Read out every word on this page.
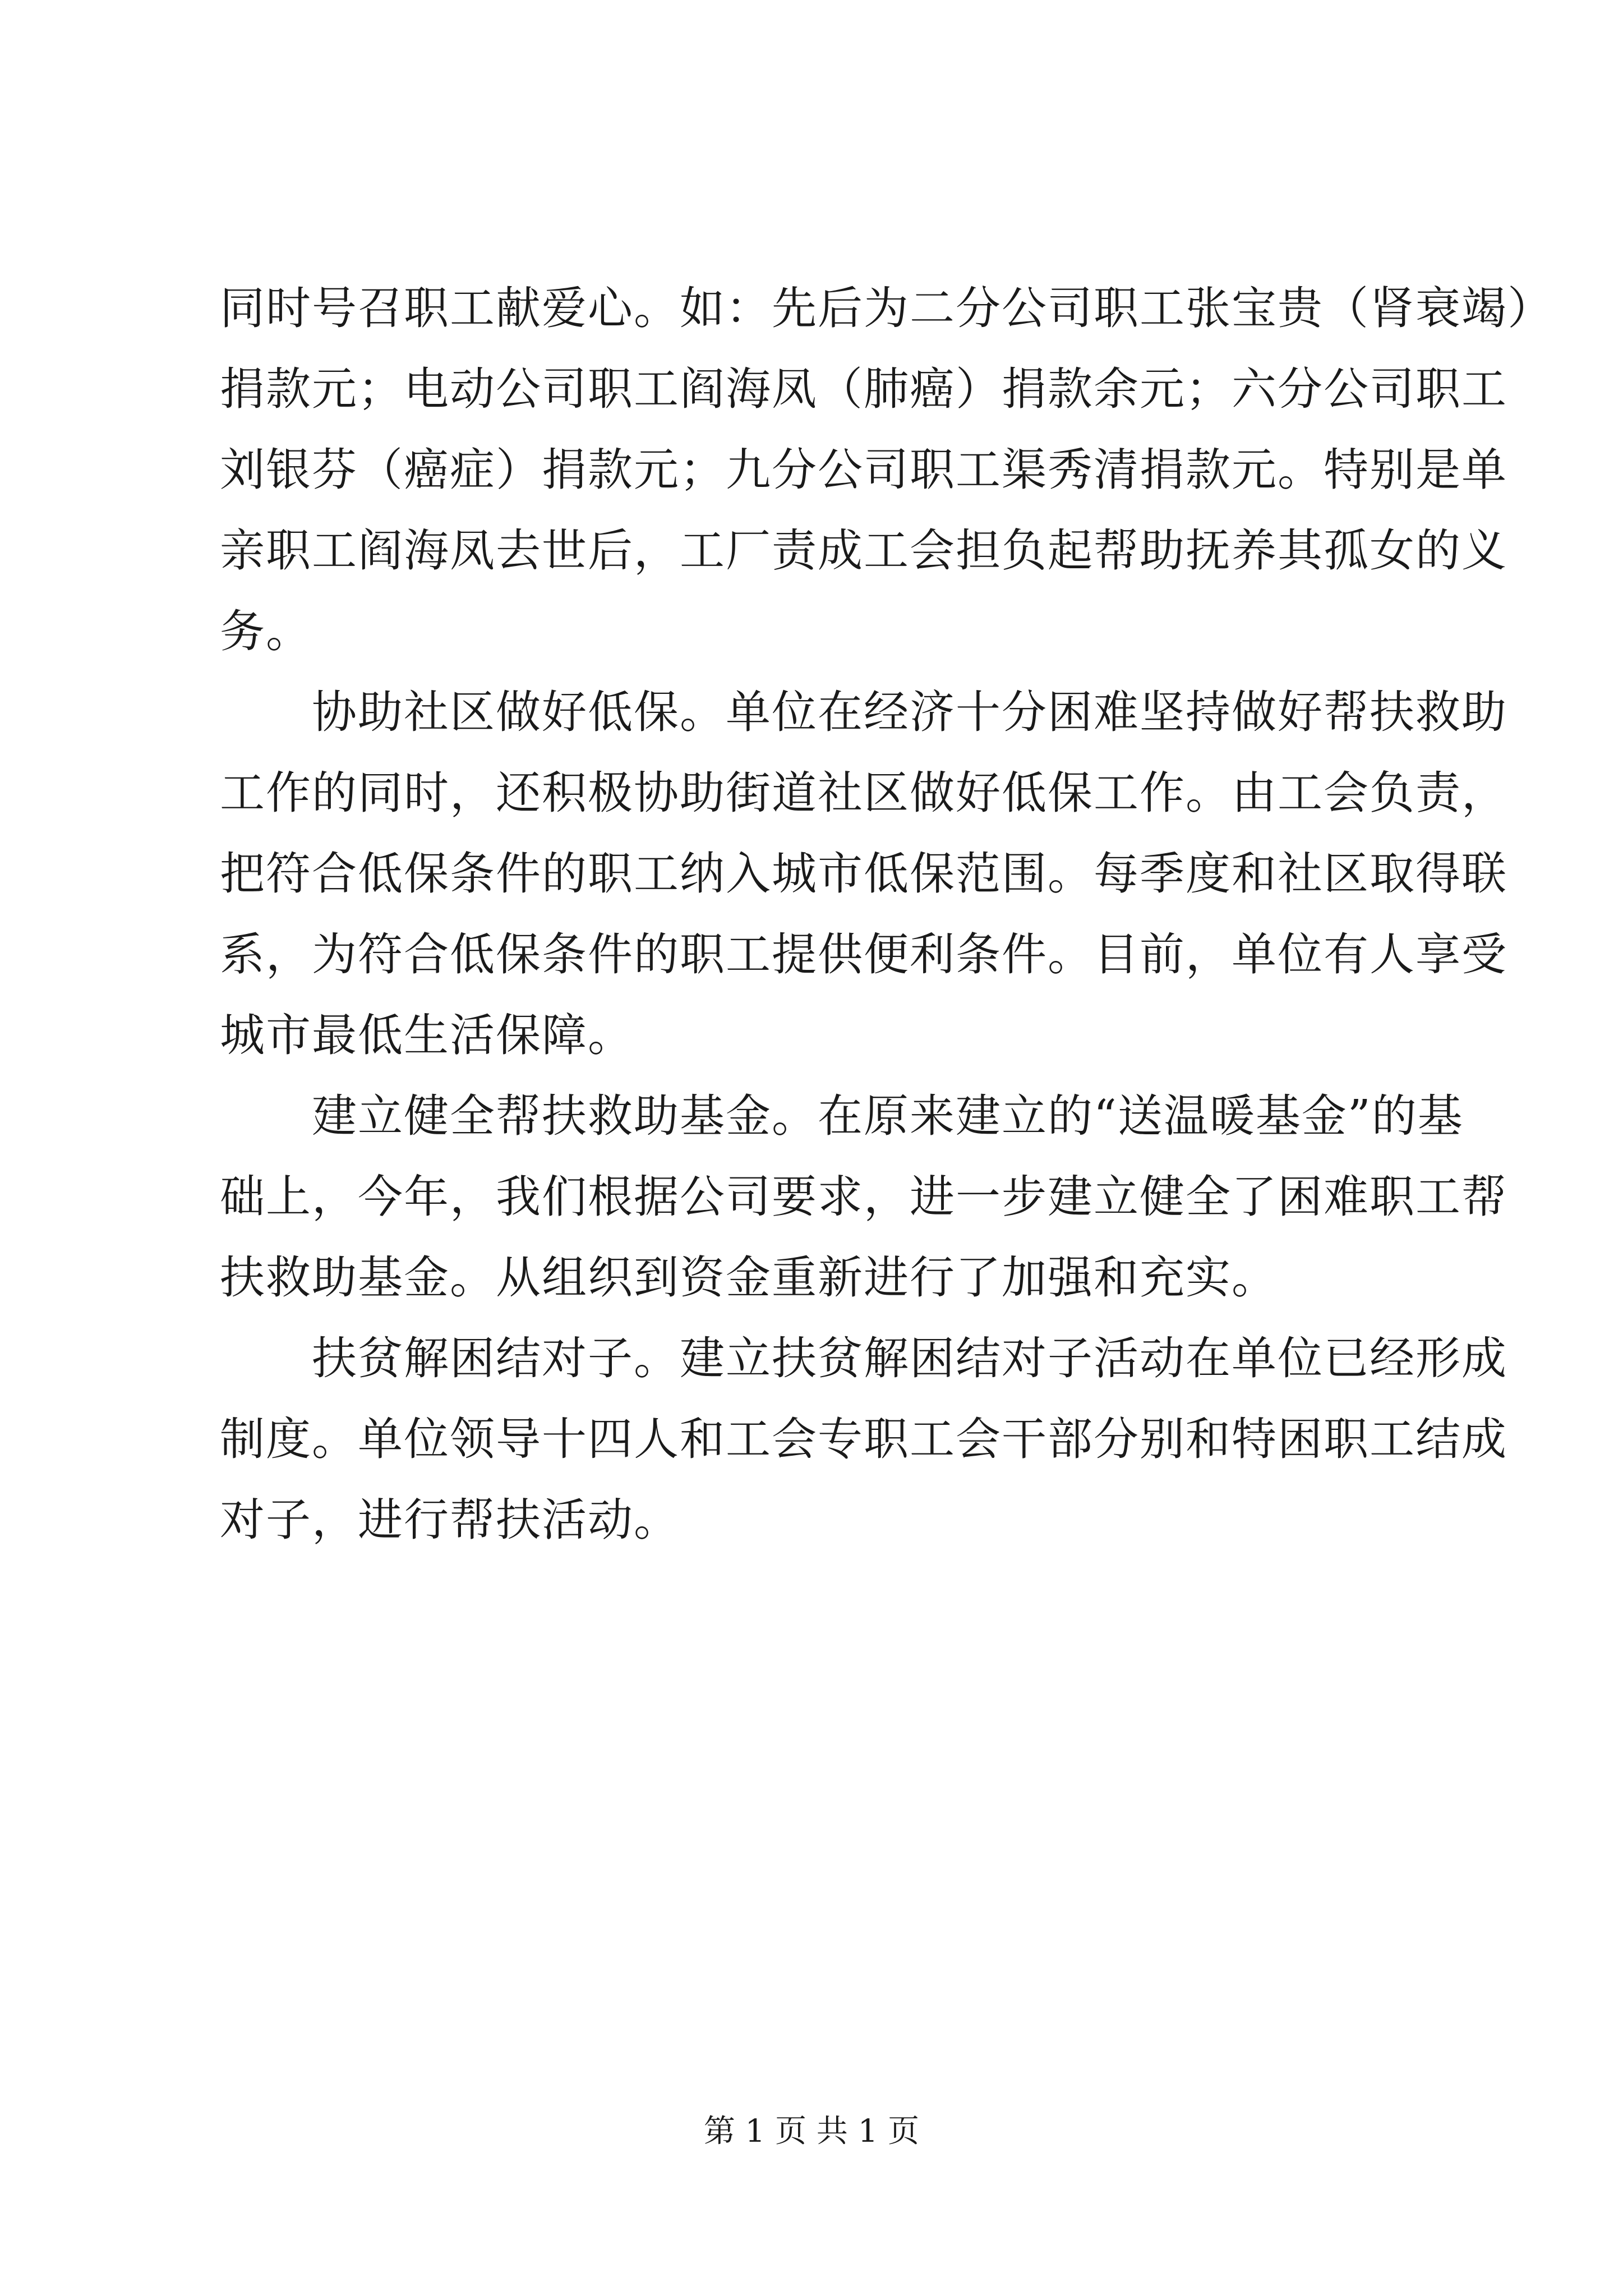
同时号召职工献爱心。如：先后为二分公司职工张宝贵（肾衰竭）
捐款元；电动公司职工阎海凤（肺癌）捐款余元；六分公司职工
刘银芬（癌症）捐款元；九分公司职工渠秀清捐款元。特别是单
亲职工阎海凤去世后，工厂责成工会担负起帮助抚养其孤女的义
务。
　　协助社区做好低保。单位在经济十分困难坚持做好帮扶救助
工作的同时，还积极协助街道社区做好低保工作。由工会负责，
把符合低保条件的职工纳入城市低保范围。每季度和社区取得联
系，为符合低保条件的职工提供便利条件。目前，单位有人享受
城市最低生活保障。
　　建立健全帮扶救助基金。在原来建立的“送温暖基金”的基
础上，今年，我们根据公司要求，进一步建立健全了困难职工帮
扶救助基金。从组织到资金重新进行了加强和充实。
　　扶贫解困结对子。建立扶贫解困结对子活动在单位已经形成
制度。单位领导十四人和工会专职工会干部分别和特困职工结成
对子，进行帮扶活动。
第 1 页 共 1 页
